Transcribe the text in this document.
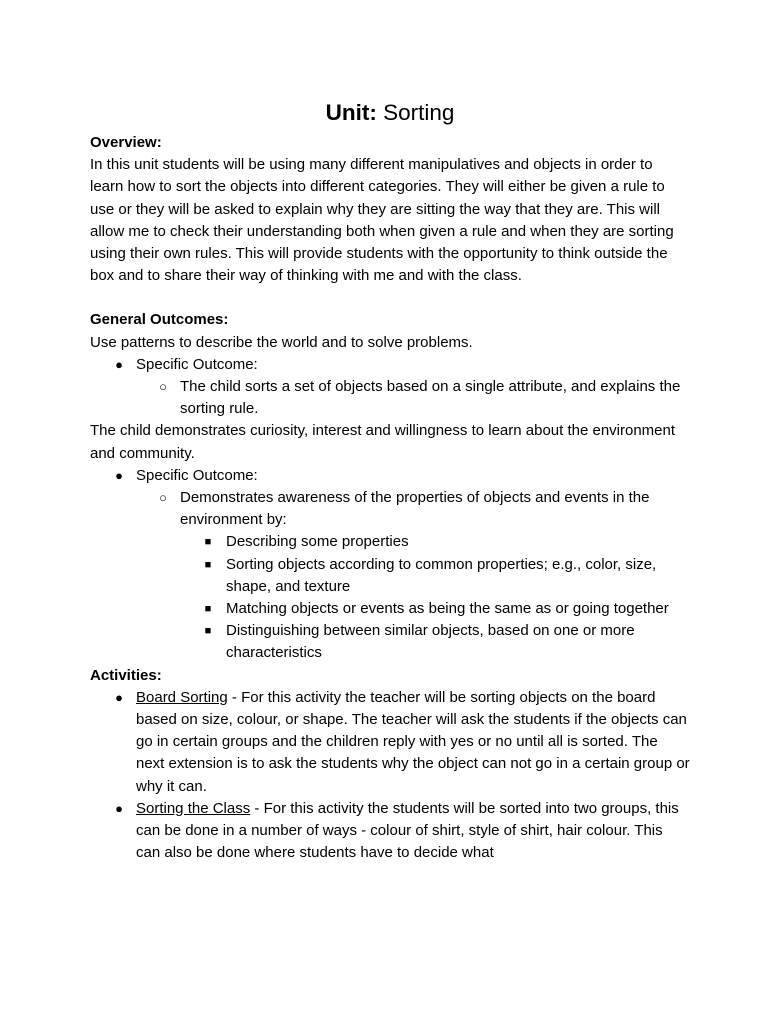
Unit: Sorting

Overview:

In this unit students will be using many different manipulatives and objects in order to learn how to sort the objects into different categories. They will either be given a rule to use or they will be asked to explain why they are sitting the way that they are. This will allow me to check their understanding both when given a rule and when they are sorting using their own rules. This will provide students with the opportunity to think outside the box and to share their way of thinking with me and with the class.

General Outcomes:

Use patterns to describe the world and to solve problems.

● Specific Outcome:
○ The child sorts a set of objects based on a single attribute, and explains the sorting rule.

The child demonstrates curiosity, interest and willingness to learn about the environment and community.

● Specific Outcome:
○ Demonstrates awareness of the properties of objects and events in the environment by:
■ Describing some properties
■ Sorting objects according to common properties; e.g., color, size, shape, and texture
■ Matching objects or events as being the same as or going together
■ Distinguishing between similar objects, based on one or more characteristics

Activities:

● Board Sorting - For this activity the teacher will be sorting objects on the board based on size, colour, or shape. The teacher will ask the students if the objects can go in certain groups and the children reply with yes or no until all is sorted. The next extension is to ask the students why the object can not go in a certain group or why it can.
● Sorting the Class - For this activity the students will be sorted into two groups, this can be done in a number of ways - colour of shirt, style of shirt, hair colour. This can also be done where students have to decide what
